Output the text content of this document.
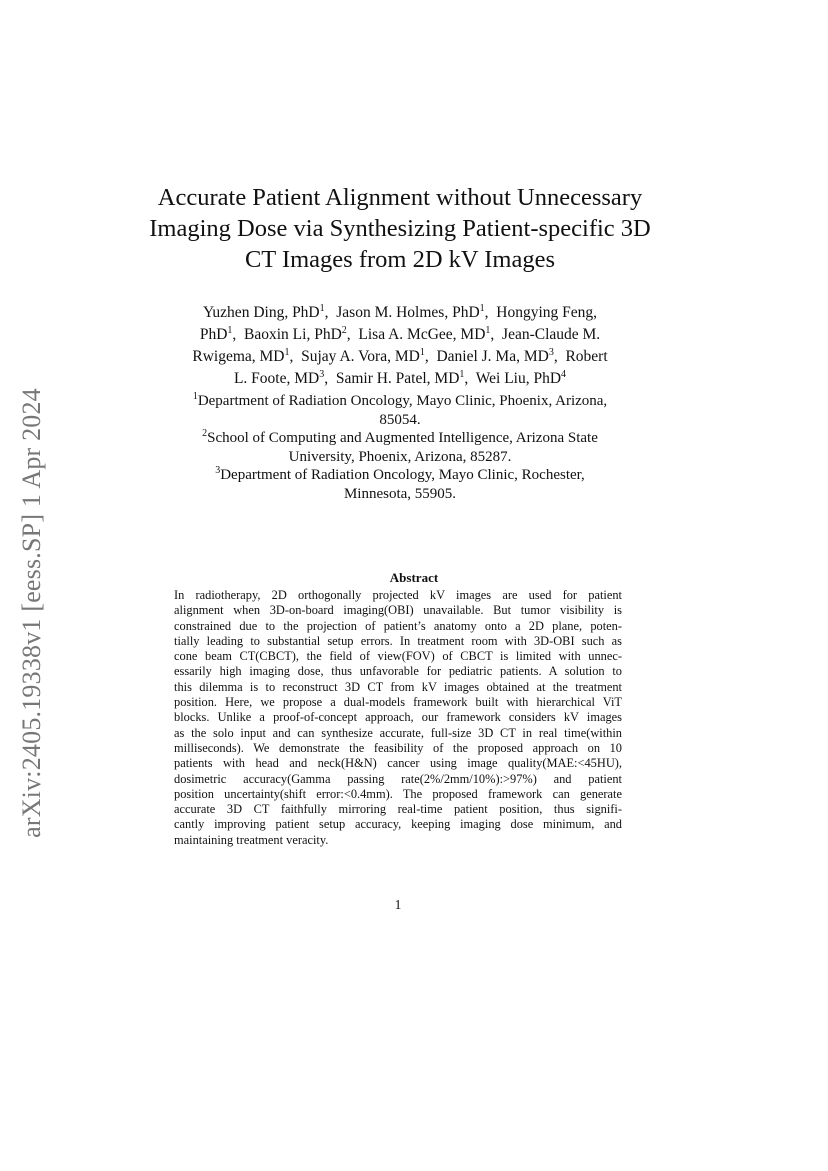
arXiv:2405.19338v1 [eess.SP] 1 Apr 2024
Accurate Patient Alignment without Unnecessary
Imaging Dose via Synthesizing Patient-specific 3D
CT Images from 2D kV Images
Yuzhen Ding, PhD$^1$,  Jason M. Holmes, PhD$^1$,  Hongying Feng,
PhD$^1$,  Baoxin Li, PhD$^2$,  Lisa A. McGee, $MD^1$,  Jean-Claude M.
Rwigema, $MD^1$,  Sujay A. Vora, $MD^1$,  Daniel J. Ma, $MD^3$,  Robert
L. Foote, $MD^3$,  Samir H. Patel, $MD^1$,  Wei Liu, PhD$^4$
$^1$Department of Radiation Oncology, Mayo Clinic, Phoenix, Arizona,
85054.
$^2$School of Computing and Augmented Intelligence, Arizona State
University, Phoenix, Arizona, 85287.
$^3$Department of Radiation Oncology, Mayo Clinic, Rochester,
Minnesota, 55905.
Abstract
In radiotherapy, 2D orthogonally projected kV images are used for patient
alignment when 3D-on-board imaging(OBI) unavailable. But tumor visibility is
constrained due to the projection of patient’s anatomy onto a 2D plane, poten-
tially leading to substantial setup errors. In treatment room with 3D-OBI such as
cone beam CT(CBCT), the field of view(FOV) of CBCT is limited with unnec-
essarily high imaging dose, thus unfavorable for pediatric patients. A solution to
this dilemma is to reconstruct 3D CT from kV images obtained at the treatment
position. Here, we propose a dual-models framework built with hierarchical ViT
blocks. Unlike a proof-of-concept approach, our framework considers kV images
as the solo input and can synthesize accurate, full-size 3D CT in real time(within
milliseconds). We demonstrate the feasibility of the proposed approach on 10
patients with head and neck(H&N) cancer using image quality(MAE:<45HU),
dosimetric accuracy(Gamma passing rate(2%/2mm/10%):>97%) and patient
position uncertainty(shift error:<0.4mm). The proposed framework can generate
accurate 3D CT faithfully mirroring real-time patient position, thus signifi-
cantly improving patient setup accuracy, keeping imaging dose minimum, and
maintaining treatment veracity.
1
